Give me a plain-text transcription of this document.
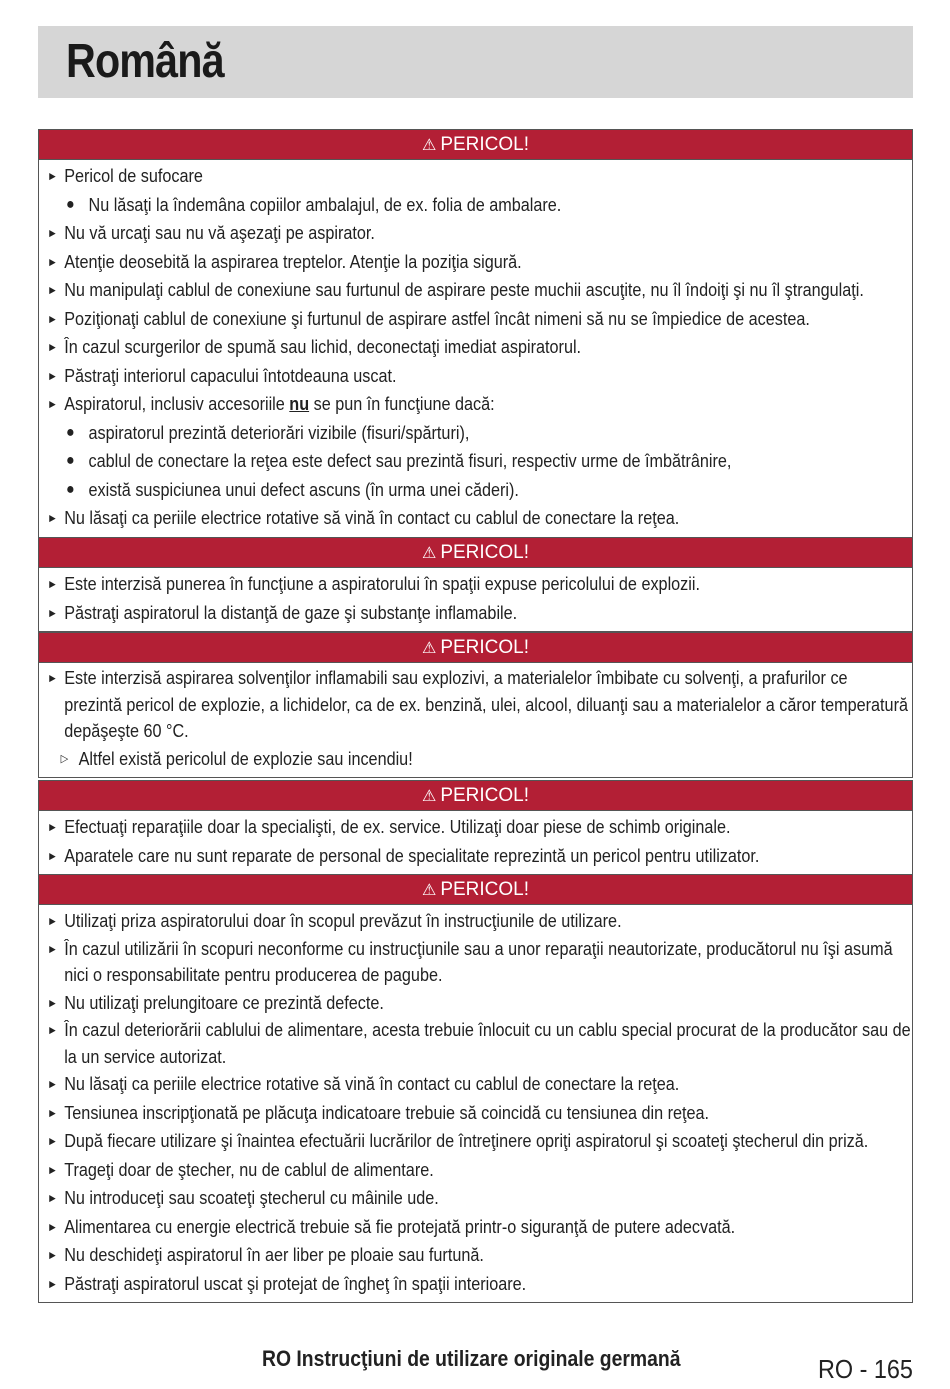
Română
⚠ PERICOL!
► Pericol de sufocare
● Nu lăsaţi la îndemâna copiilor ambalajul, de ex. folia de ambalare.
► Nu vă urcaţi sau nu vă aşezaţi pe aspirator.
► Atenţie deosebită la aspirarea treptelor. Atenţie la poziţia sigură.
► Nu manipulaţi cablul de conexiune sau furtunul de aspirare peste muchii ascuţite, nu îl îndoiţi şi nu îl ştrangulaţi.
► Poziţionaţi cablul de conexiune şi furtunul de aspirare astfel încât nimeni să nu se împiedice de acestea.
► În cazul scurgerilor de spumă sau lichid, deconectaţi imediat aspiratorul.
► Păstraţi interiorul capacului întotdeauna uscat.
► Aspiratorul, inclusiv accesoriile nu se pun în funcţiune dacă:
● aspiratorul prezintă deteriorări vizibile (fisuri/spărturi),
● cablul de conectare la reţea este defect sau prezintă fisuri, respectiv urme de îmbătrânire,
● există suspiciunea unui defect ascuns (în urma unei căderi).
► Nu lăsaţi ca periile electrice rotative să vină în contact cu cablul de conectare la reţea.
⚠ PERICOL!
► Este interzisă punerea în funcţiune a aspiratorului în spaţii expuse pericolului de explozii.
► Păstraţi aspiratorul la distanţă de gaze şi substanţe inflamabile.
⚠ PERICOL!
► Este interzisă aspirarea solvenţilor inflamabili sau explozivi, a materialelor îmbibate cu solvenţi, a prafurilor ce
prezintă pericol de explozie, a lichidelor, ca de ex. benzină, ulei, alcool, diluanţi sau a materialelor a căror temperatură
depăşeşte 60 °C.
▷ Altfel există pericolul de explozie sau incendiu!
⚠ PERICOL!
► Efectuaţi reparaţiile doar la specialişti, de ex. service. Utilizaţi doar piese de schimb originale.
► Aparatele care nu sunt reparate de personal de specialitate reprezintă un pericol pentru utilizator.
⚠ PERICOL!
► Utilizaţi priza aspiratorului doar în scopul prevăzut în instrucţiunile de utilizare.
► În cazul utilizării în scopuri neconforme cu instrucţiunile sau a unor reparaţii neautorizate, producătorul nu îşi asumă
nici o responsabilitate pentru producerea de pagube.
► Nu utilizaţi prelungitoare ce prezintă defecte.
► În cazul deteriorării cablului de alimentare, acesta trebuie înlocuit cu un cablu special procurat de la producător sau de
la un service autorizat.
► Nu lăsaţi ca periile electrice rotative să vină în contact cu cablul de conectare la reţea.
► Tensiunea inscripţionată pe plăcuţa indicatoare trebuie să coincidă cu tensiunea din reţea.
► După fiecare utilizare şi înaintea efectuării lucrărilor de întreţinere opriţi aspiratorul şi scoateţi ştecherul din priză.
► Trageţi doar de ştecher, nu de cablul de alimentare.
► Nu introduceţi sau scoateţi ştecherul cu mâinile ude.
► Alimentarea cu energie electrică trebuie să fie protejată printr-o siguranţă de putere adecvată.
► Nu deschideţi aspiratorul în aer liber pe ploaie sau furtună.
► Păstraţi aspiratorul uscat şi protejat de îngheţ în spaţii interioare.
RO Instrucţiuni de utilizare originale germană	RO - 165
